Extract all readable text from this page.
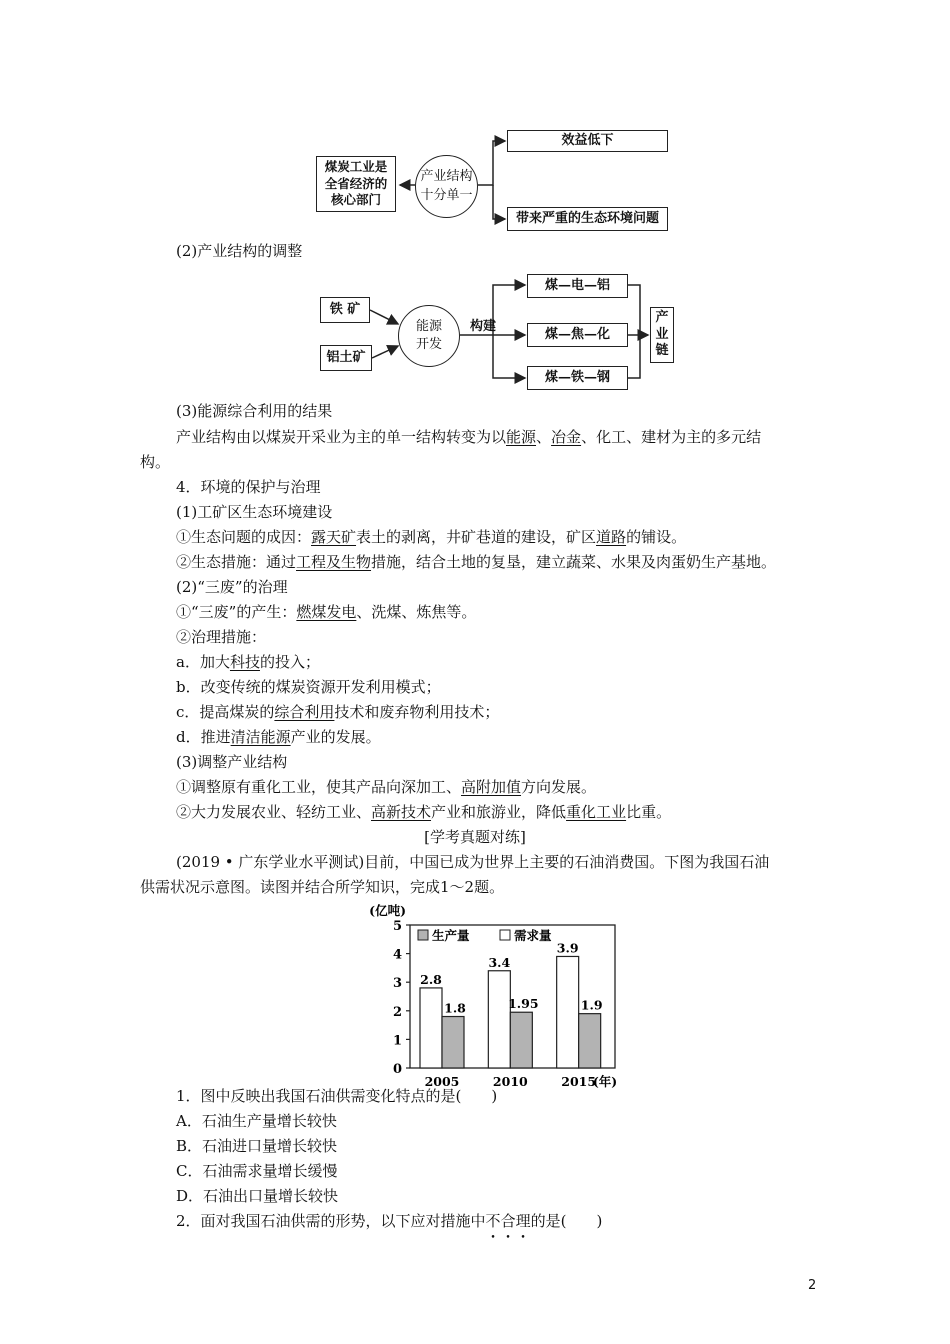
煤炭工业是全省经济的核心部门
产业结构十分单一
效益低下
带来严重的生态环境问题
(2)产业结构的调整
铁 矿
铝土矿
能源开发
构建
煤—电—铝
煤—焦—化
煤—铁—钢
产业链
(3)能源综合利用的结果
产业结构由以煤炭开采业为主的单一结构转变为以能源、冶金、化工、建材为主的多元结
构。
4．环境的保护与治理
(1)工矿区生态环境建设
①生态问题的成因：露天矿表土的剥离，井矿巷道的建设，矿区道路的铺设。
②生态措施：通过工程及生物措施，结合土地的复垦，建立蔬菜、水果及肉蛋奶生产基地。
(2)“三废”的治理
①“三废”的产生：燃煤发电、洗煤、炼焦等。
②治理措施：
a．加大科技的投入；
b．改变传统的煤炭资源开发利用模式；
c．提高煤炭的综合利用技术和废弃物利用技术；
d．推进清洁能源产业的发展。
(3)调整产业结构
①调整原有重化工业，使其产品向深加工、高附加值方向发展。
②大力发展农业、轻纺工业、高新技术产业和旅游业，降低重化工业比重。
[学考真题对练]
(2019 • 广东学业水平测试)目前，中国已成为世界上主要的石油消费国。下图为我国石油
供需状况示意图。读图并结合所学知识，完成1～2题。
0
1
2
3
4
5
(亿吨)
生产量	需求量
2.8
1.8
2005
3.4
1.95
2010
3.9
1.9
2015
(年)
1．图中反映出我国石油供需变化特点的是(　　)
A．石油生产量增长较快
B．石油进口量增长较快
C．石油需求量增长缓慢
D．石油出口量增长较快
2．面对我国石油供需的形势，以下应对措施中不合理的是(　　)
2
